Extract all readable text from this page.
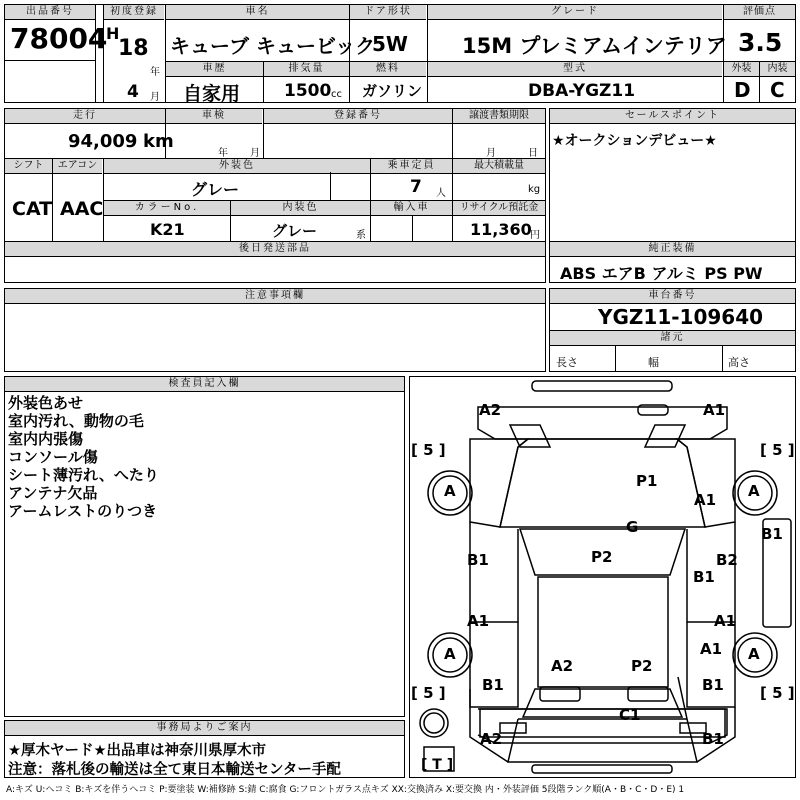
出品番号
78004
初度登録
H
18
年
4 月
車名
キューブ キュービック
車歴
自家用
排気量
1500 cc
ドア形状
5W
燃料
ガソリン
グレード
15M プレミアムインテリア
型式
DBA-YGZ11
評価点
3.5
外装	内装
D C
走行
94,009 km
車検
年 月
登録番号	譲渡書類期限
月	日
シフト
CAT
エアコン
AAC
外装色
グレー
乗車定員
7 人
最大積載量
kg
カラーNo.
K21
内装色
グレー	系
輸入車	リサイクル預託金
11,360
円
後日発送部品
セールスポイント
★オークションデビュー★
純正装備
ABS エアB アルミ PS PW
注意事項欄	車台番号
YGZ11-109640
諸元
長さ	幅	高さ
検査員記入欄
外装色あせ
室内汚れ、動物の毛
室内内張傷
コンソール傷
シート薄汚れ、へたり
アンテナ欠品
アームレストのりつき
事務局よりご案内
★厚木ヤード★出品車は神奈川県厚木市
注意：落札後の輸送は全て東日本輸送センター手配
[ 5 ]	[ 5 ]
[ 5 ]	[ 5 ]
[ T ]
A2	A1
A	A
P1
A1
B1
G
B1	P2	B2
B1
A1	A1
A	A
A1
A2	P2
B1	B1
C1
A2	B1
A:キズ U:ヘコミ B:キズを伴うヘコミ P:要塗装 W:補修跡 S:錆 C:腐食 G:フロントガラス点キズ XX:交換済み X:要交換 内・外装評価 5段階ランク順(A・B・C・D・E) 1
